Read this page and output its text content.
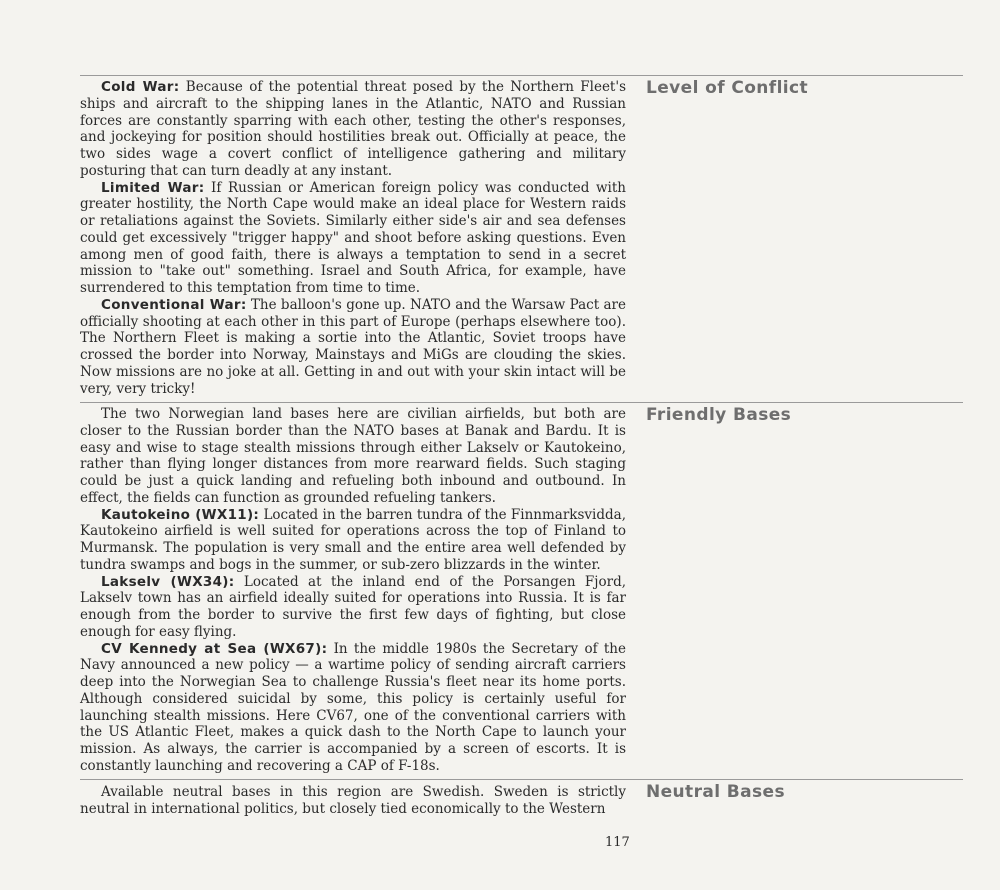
Cold War: Because of the potential threat posed by the Northern Fleet's ships and aircraft to the shipping lanes in the Atlantic, NATO and Russian forces are constantly sparring with each other, testing the other's responses, and jockeying for position should hostilities break out. Officially at peace, the two sides wage a covert conflict of intelligence gathering and military posturing that can turn deadly at any instant.

Limited War: If Russian or American foreign policy was conducted with greater hostility, the North Cape would make an ideal place for Western raids or retaliations against the Soviets. Similarly either side's air and sea defenses could get excessively "trigger happy" and shoot before asking questions. Even among men of good faith, there is always a temptation to send in a secret mission to "take out" something. Israel and South Africa, for example, have surrendered to this temptation from time to time.

Conventional War: The balloon's gone up. NATO and the Warsaw Pact are officially shooting at each other in this part of Europe (perhaps elsewhere too). The Northern Fleet is making a sortie into the Atlantic, Soviet troops have crossed the border into Norway, Mainstays and MiGs are clouding the skies. Now missions are no joke at all. Getting in and out with your skin intact will be very, very tricky!

Level of Conflict

The two Norwegian land bases here are civilian airfields, but both are closer to the Russian border than the NATO bases at Banak and Bardu. It is easy and wise to stage stealth missions through either Lakselv or Kautokeino, rather than flying longer distances from more rearward fields. Such staging could be just a quick landing and refueling both inbound and outbound. In effect, the fields can function as grounded refueling tankers.

Kautokeino (WX11): Located in the barren tundra of the Finnmarksvidda, Kautokeino airfield is well suited for operations across the top of Finland to Murmansk. The population is very small and the entire area well defended by tundra swamps and bogs in the summer, or sub-zero blizzards in the winter.

Lakselv (WX34): Located at the inland end of the Porsangen Fjord, Lakselv town has an airfield ideally suited for operations into Russia. It is far enough from the border to survive the first few days of fighting, but close enough for easy flying.

CV Kennedy at Sea (WX67): In the middle 1980s the Secretary of the Navy announced a new policy — a wartime policy of sending aircraft carriers deep into the Norwegian Sea to challenge Russia's fleet near its home ports. Although considered suicidal by some, this policy is certainly useful for launching stealth missions. Here CV67, one of the conventional carriers with the US Atlantic Fleet, makes a quick dash to the North Cape to launch your mission. As always, the carrier is accompanied by a screen of escorts. It is constantly launching and recovering a CAP of F-18s.

Friendly Bases

Available neutral bases in this region are Swedish. Sweden is strictly neutral in international politics, but closely tied economically to the Western

Neutral Bases
117
